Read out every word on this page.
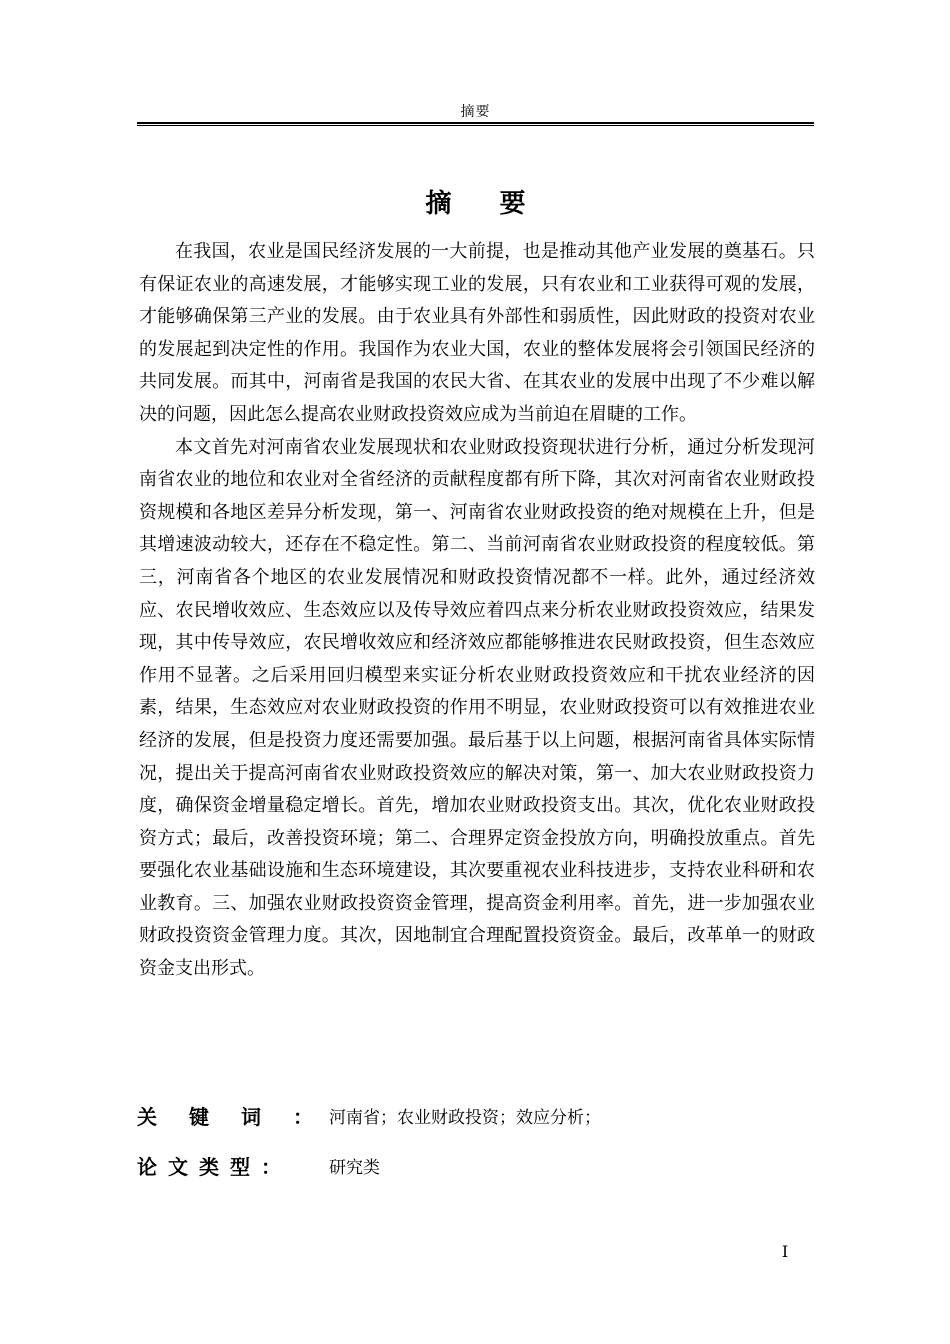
摘要
摘要

在我国，农业是国民经济发展的一大前提，也是推动其他产业发展的奠基石。只有保证农业的高速发展，才能够实现工业的发展，只有农业和工业获得可观的发展，才能够确保第三产业的发展。由于农业具有外部性和弱质性，因此财政的投资对农业的发展起到决定性的作用。我国作为农业大国，农业的整体发展将会引领国民经济的共同发展。而其中，河南省是我国的农民大省、在其农业的发展中出现了不少难以解决的问题，因此怎么提高农业财政投资效应成为当前迫在眉睫的工作。

本文首先对河南省农业发展现状和农业财政投资现状进行分析，通过分析发现河南省农业的地位和农业对全省经济的贡献程度都有所下降，其次对河南省农业财政投资规模和各地区差异分析发现，第一、河南省农业财政投资的绝对规模在上升，但是其增速波动较大，还存在不稳定性。第二、当前河南省农业财政投资的程度较低。第三，河南省各个地区的农业发展情况和财政投资情况都不一样。此外，通过经济效应、农民增收效应、生态效应以及传导效应着四点来分析农业财政投资效应，结果发现，其中传导效应，农民增收效应和经济效应都能够推进农民财政投资，但生态效应作用不显著。之后采用回归模型来实证分析农业财政投资效应和干扰农业经济的因素，结果，生态效应对农业财政投资的作用不明显，农业财政投资可以有效推进农业经济的发展，但是投资力度还需要加强。最后基于以上问题，根据河南省具体实际情况，提出关于提高河南省农业财政投资效应的解决对策，第一、加大农业财政投资力度，确保资金增量稳定增长。首先，增加农业财政投资支出。其次，优化农业财政投资方式；最后，改善投资环境；第二、合理界定资金投放方向，明确投放重点。首先要强化农业基础设施和生态环境建设，其次要重视农业科技进步，支持农业科研和农业教育。三、加强农业财政投资资金管理，提高资金利用率。首先，进一步加强农业财政投资资金管理力度。其次，因地制宜合理配置投资资金。最后，改革单一的财政资金支出形式。

关键词：
河南省；农业财政投资；效应分析；
论文类型：	研究类
I
